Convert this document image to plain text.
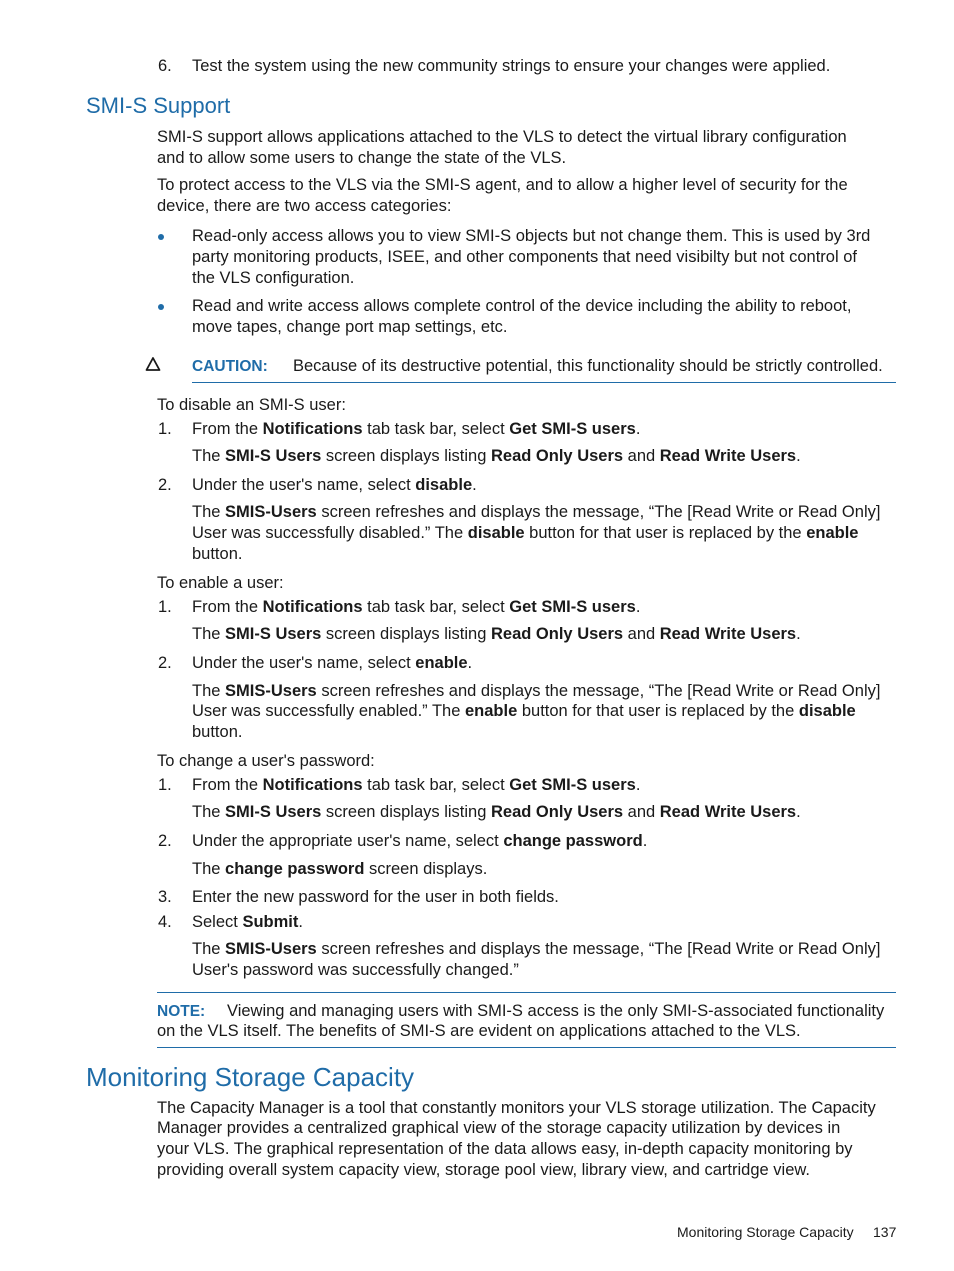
6. Test the system using the new community strings to ensure your changes were applied.
SMI-S Support
SMI-S support allows applications attached to the VLS to detect the virtual library configuration
and to allow some users to change the state of the VLS.
To protect access to the VLS via the SMI-S agent, and to allow a higher level of security for the
device, there are two access categories:
Read-only access allows you to view SMI-S objects but not change them. This is used by 3rd
party monitoring products, ISEE, and other components that need visibilty but not control of
the VLS configuration.
Read and write access allows complete control of the device including the ability to reboot,
move tapes, change port map settings, etc.
CAUTION: Because of its destructive potential, this functionality should be strictly controlled.
To disable an SMI-S user:
1. From the Notifications tab task bar, select Get SMI-S users.
The SMI-S Users screen displays listing Read Only Users and Read Write Users.
2. Under the user's name, select disable.
The SMIS-Users screen refreshes and displays the message, “The [Read Write or Read Only]
User was successfully disabled.” The disable button for that user is replaced by the enable
button.
To enable a user:
1. From the Notifications tab task bar, select Get SMI-S users.
The SMI-S Users screen displays listing Read Only Users and Read Write Users.
2. Under the user's name, select enable.
The SMIS-Users screen refreshes and displays the message, “The [Read Write or Read Only]
User was successfully enabled.” The enable button for that user is replaced by the disable
button.
To change a user's password:
1. From the Notifications tab task bar, select Get SMI-S users.
The SMI-S Users screen displays listing Read Only Users and Read Write Users.
2. Under the appropriate user's name, select change password.
The change password screen displays.
3. Enter the new password for the user in both fields.
4. Select Submit.
The SMIS-Users screen refreshes and displays the message, “The [Read Write or Read Only]
User's password was successfully changed.”
NOTE: Viewing and managing users with SMI-S access is the only SMI-S-associated functionality
on the VLS itself. The benefits of SMI-S are evident on applications attached to the VLS.
Monitoring Storage Capacity
The Capacity Manager is a tool that constantly monitors your VLS storage utilization. The Capacity
Manager provides a centralized graphical view of the storage capacity utilization by devices in
your VLS. The graphical representation of the data allows easy, in-depth capacity monitoring by
providing overall system capacity view, storage pool view, library view, and cartridge view.
Monitoring Storage Capacity 137
